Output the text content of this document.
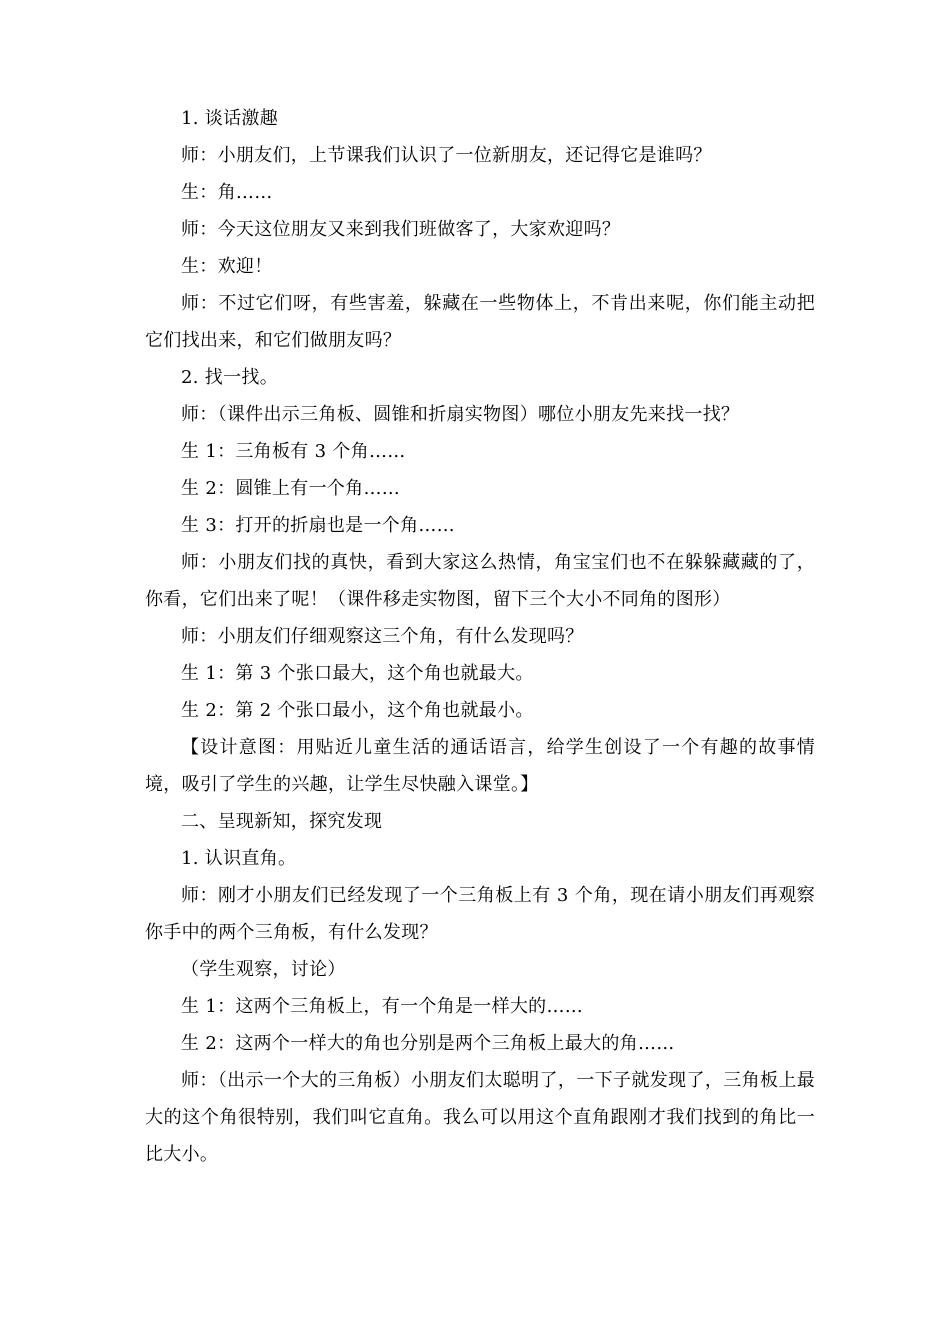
1. 谈话激趣

师：小朋友们，上节课我们认识了一位新朋友，还记得它是谁吗？

生：角……

师：今天这位朋友又来到我们班做客了，大家欢迎吗？

生：欢迎！

师：不过它们呀，有些害羞，躲藏在一些物体上，不肯出来呢，你们能主动把它们找出来，和它们做朋友吗？

2. 找一找。

师：（课件出示三角板、圆锥和折扇实物图）哪位小朋友先来找一找？

生 1：三角板有 3 个角……

生 2：圆锥上有一个角……

生 3：打开的折扇也是一个角……

师：小朋友们找的真快，看到大家这么热情，角宝宝们也不在躲躲藏藏的了，你看，它们出来了呢！（课件移走实物图，留下三个大小不同角的图形）

师：小朋友们仔细观察这三个角，有什么发现吗？

生 1：第 3 个张口最大，这个角也就最大。

生 2：第 2 个张口最小，这个角也就最小。

【设计意图：用贴近儿童生活的通话语言，给学生创设了一个有趣的故事情境，吸引了学生的兴趣，让学生尽快融入课堂。】

二、呈现新知，探究发现

1. 认识直角。

师：刚才小朋友们已经发现了一个三角板上有 3 个角，现在请小朋友们再观察你手中的两个三角板，有什么发现？

（学生观察，讨论）

生 1：这两个三角板上，有一个角是一样大的……

生 2：这两个一样大的角也分别是两个三角板上最大的角……

师：（出示一个大的三角板）小朋友们太聪明了，一下子就发现了，三角板上最大的这个角很特别，我们叫它直角。我么可以用这个直角跟刚才我们找到的角比一比大小。
